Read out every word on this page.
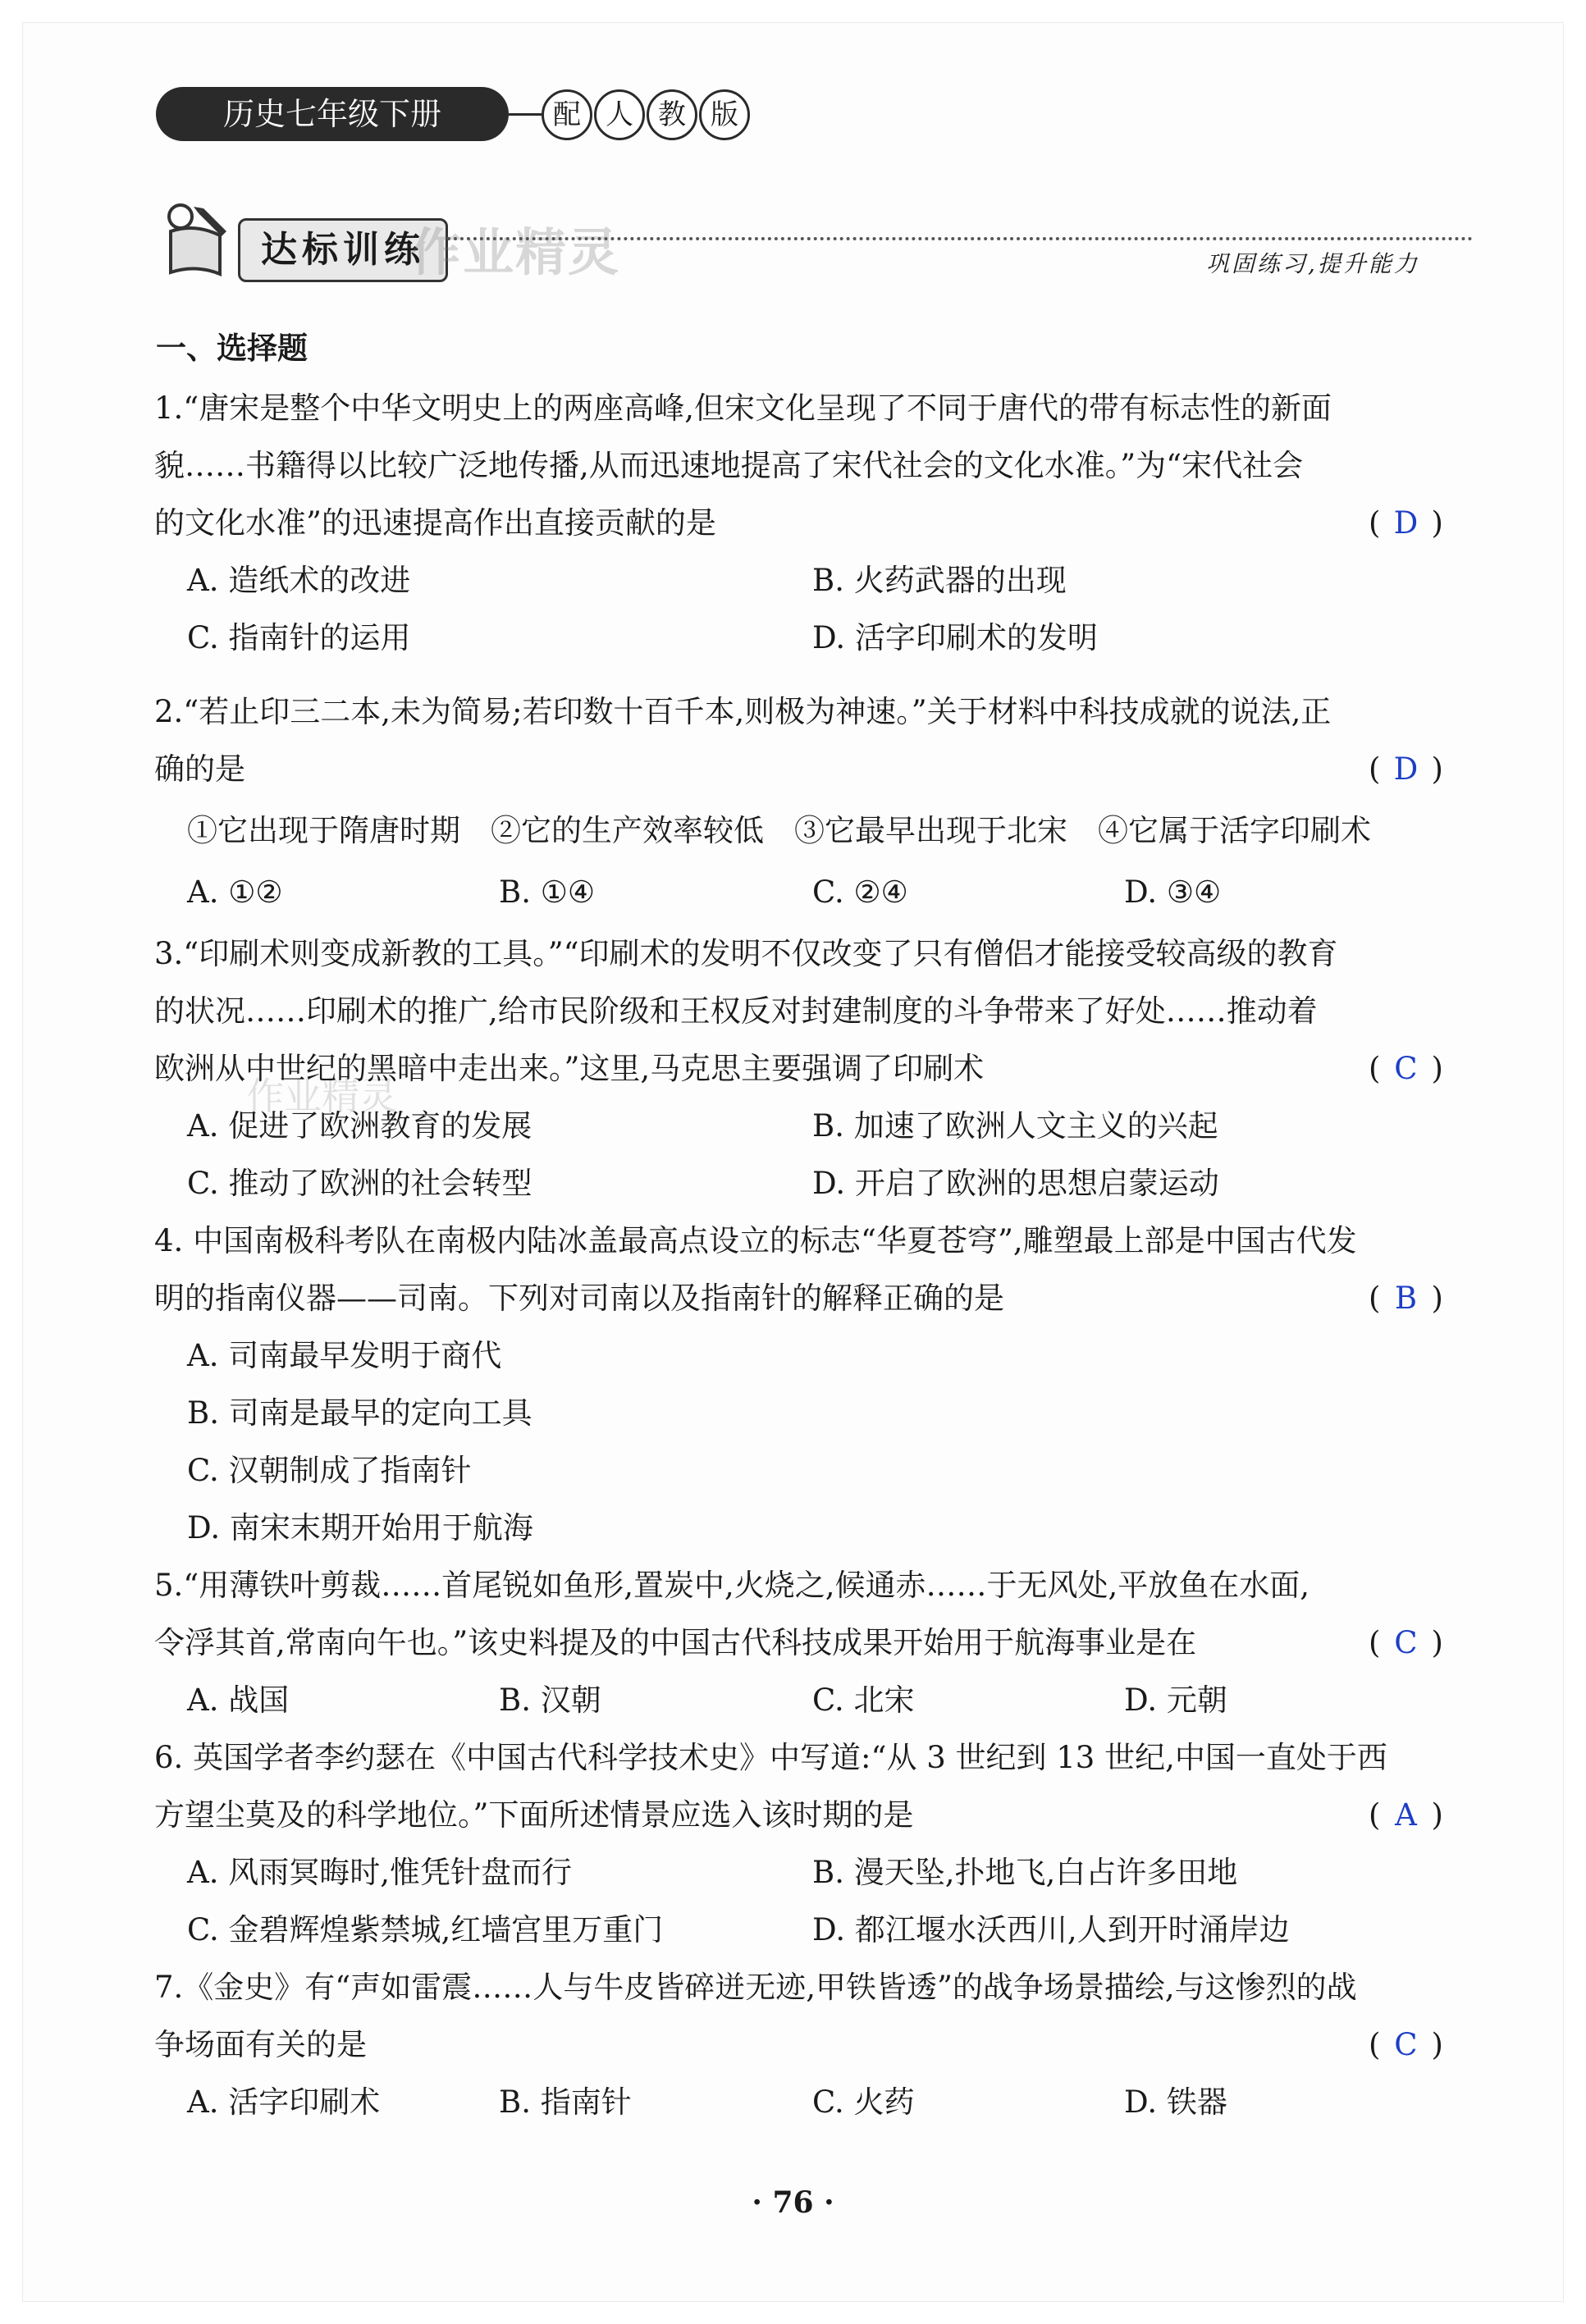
历史七年级下册	配 人 教 版
达标训练
作业精灵	巩固练习,提升能力
作业精灵
一、选择题
1.“唐宋是整个中华文明史上的两座高峰,但宋文化呈现了不同于唐代的带有标志性的新面
貌……书籍得以比较广泛地传播,从而迅速地提高了宋代社会的文化水准。”为“宋代社会
的文化水准”的迅速提高作出直接贡献的是	( D )
A. 造纸术的改进	B. 火药武器的出现
C. 指南针的运用	D. 活字印刷术的发明
2.“若止印三二本,未为简易;若印数十百千本,则极为神速。”关于材料中科技成就的说法,正
确的是	( D )
①它出现于隋唐时期　②它的生产效率较低　③它最早出现于北宋　④它属于活字印刷术
A. ①②	B. ①④	C. ②④	D. ③④
3.“印刷术则变成新教的工具。”“印刷术的发明不仅改变了只有僧侣才能接受较高级的教育
的状况……印刷术的推广,给市民阶级和王权反对封建制度的斗争带来了好处……推动着
欧洲从中世纪的黑暗中走出来。”这里,马克思主要强调了印刷术	( C )
A. 促进了欧洲教育的发展	B. 加速了欧洲人文主义的兴起
C. 推动了欧洲的社会转型	D. 开启了欧洲的思想启蒙运动
4. 中国南极科考队在南极内陆冰盖最高点设立的标志“华夏苍穹”,雕塑最上部是中国古代发
明的指南仪器——司南。下列对司南以及指南针的解释正确的是	( B )
A. 司南最早发明于商代
B. 司南是最早的定向工具
C. 汉朝制成了指南针
D. 南宋末期开始用于航海
5.“用薄铁叶剪裁……首尾锐如鱼形,置炭中,火烧之,候通赤……于无风处,平放鱼在水面,
令浮其首,常南向午也。”该史料提及的中国古代科技成果开始用于航海事业是在	( C )
A. 战国	B. 汉朝	C. 北宋	D. 元朝
6. 英国学者李约瑟在《中国古代科学技术史》中写道:“从 3 世纪到 13 世纪,中国一直处于西
方望尘莫及的科学地位。”下面所述情景应选入该时期的是	( A )
A. 风雨冥晦时,惟凭针盘而行	B. 漫天坠,扑地飞,白占许多田地
C. 金碧辉煌紫禁城,红墙宫里万重门	D. 都江堰水沃西川,人到开时涌岸边
7.《金史》有“声如雷震……人与牛皮皆碎迸无迹,甲铁皆透”的战争场景描绘,与这惨烈的战
争场面有关的是	( C )
A. 活字印刷术	B. 指南针	C. 火药	D. 铁器
· 76 ·
